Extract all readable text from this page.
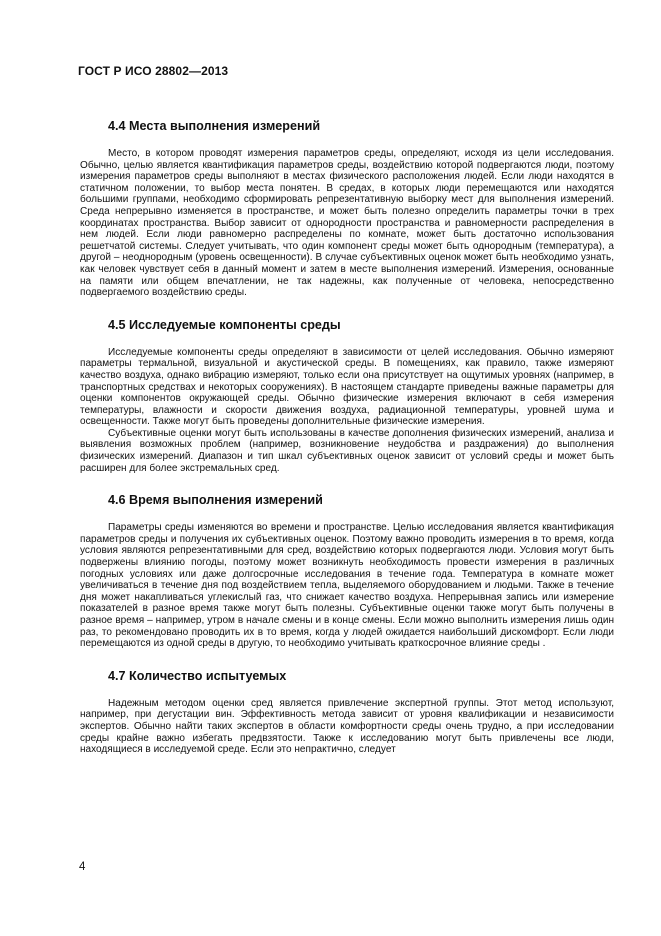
ГОСТ Р ИСО 28802—2013
4.4 Места выполнения измерений

Место, в котором проводят измерения параметров среды, определяют, исходя из цели исследования. Обычно, целью является квантификация параметров среды, воздействию которой подвергаются люди, поэтому измерения параметров среды выполняют в местах физического расположения людей. Если люди находятся в статичном положении, то выбор места понятен. В средах, в которых люди перемещаются или находятся большими группами, необходимо сформировать репрезентативную выборку мест для выполнения измерений. Среда непрерывно изменяется в пространстве, и может быть полезно определить параметры точки в трех координатах пространства. Выбор зависит от однородности пространства и равномерности распределения в нем людей. Если люди равномерно распределены по комнате, может быть достаточно использования решетчатой системы. Следует учитывать, что один компонент среды может быть однородным (температура), а другой – неоднородным (уровень освещенности). В случае субъективных оценок может быть необходимо узнать, как человек чувствует себя в данный момент и затем в месте выполнения измерений. Измерения, основанные на памяти или общем впечатлении, не так надежны, как полученные от человека, непосредственно подвергаемого воздействию среды.

4.5 Исследуемые компоненты среды

Исследуемые компоненты среды определяют в зависимости от целей исследования. Обычно измеряют параметры термальной, визуальной и акустической среды. В помещениях, как правило, также измеряют качество воздуха, однако вибрацию измеряют, только если она присутствует на ощутимых уровнях (например, в транспортных средствах и некоторых сооружениях). В настоящем стандарте приведены важные параметры для оценки компонентов окружающей среды. Обычно физические измерения включают в себя измерения температуры, влажности и скорости движения воздуха, радиационной температуры, уровней шума и освещенности. Также могут быть проведены дополнительные физические измерения.

Субъективные оценки могут быть использованы в качестве дополнения физических измерений, анализа и выявления возможных проблем (например, возникновение неудобства и раздражения) до выполнения физических измерений. Диапазон и тип шкал субъективных оценок зависит от условий среды и может быть расширен для более экстремальных сред.

4.6 Время выполнения измерений

Параметры среды изменяются во времени и пространстве. Целью исследования является квантификация параметров среды и получения их субъективных оценок. Поэтому важно проводить измерения в то время, когда условия являются репрезентативными для сред, воздействию которых подвергаются люди. Условия могут быть подвержены влиянию погоды, поэтому может возникнуть необходимость провести измерения в различных погодных условиях или даже долгосрочные исследования в течение года. Температура в комнате может увеличиваться в течение дня под воздействием тепла, выделяемого оборудованием и людьми. Также в течение дня может накапливаться углекислый газ, что снижает качество воздуха. Непрерывная запись или измерение показателей в разное время также могут быть полезны. Субъективные оценки также могут быть получены в разное время – например, утром в начале смены и в конце смены. Если можно выполнить измерения лишь один раз, то рекомендовано проводить их в то время, когда у людей ожидается наибольший дискомфорт. Если люди перемещаются из одной среды в другую, то необходимо учитывать краткосрочное влияние среды .

4.7 Количество испытуемых

Надежным методом оценки сред является привлечение экспертной группы. Этот метод используют, например, при дегустации вин. Эффективность метода зависит от уровня квалификации и независимости экспертов. Обычно найти таких экспертов в области комфортности среды очень трудно, а при исследовании среды крайне важно избегать предвзятости. Также к исследованию могут быть привлечены все люди, находящиеся в исследуемой среде. Если это непрактично, следует

4
